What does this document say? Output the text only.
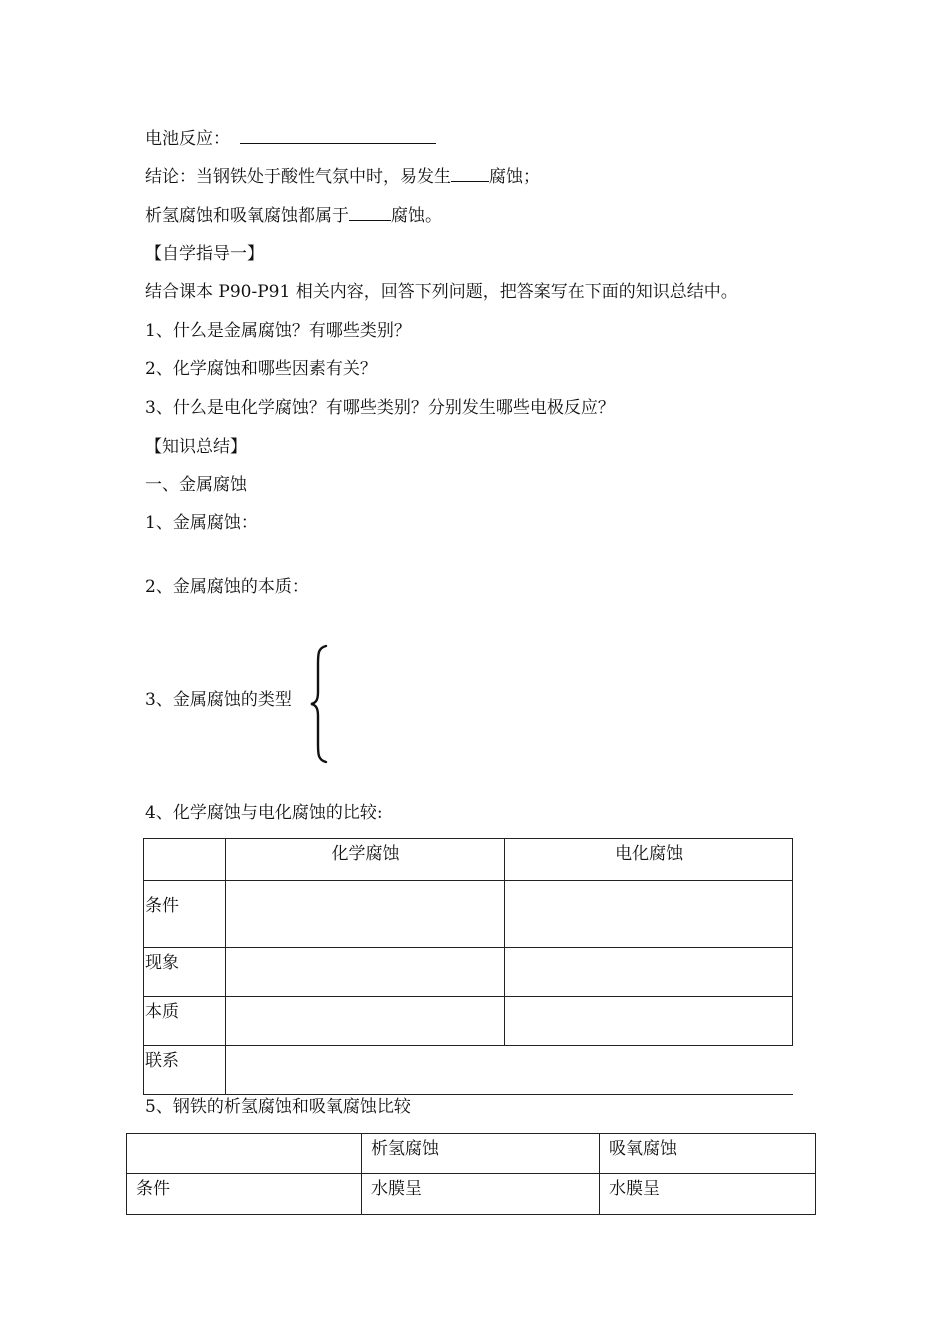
电池反应：
结论：当钢铁处于酸性气氛中时，易发生 腐蚀；
析氢腐蚀和吸氧腐蚀都属于 腐蚀。
【自学指导一】
结合课本 P90-P91 相关内容，回答下列问题，把答案写在下面的知识总结中。
1、什么是金属腐蚀？有哪些类别？
2、化学腐蚀和哪些因素有关？
3、什么是电化学腐蚀？有哪些类别？分别发生哪些电极反应？
【知识总结】
一、金属腐蚀
1、金属腐蚀：
2、金属腐蚀的本质：
3、金属腐蚀的类型
4、化学腐蚀与电化腐蚀的比较:
	化学腐蚀	电化腐蚀
条件		
现象		
本质		
联系		
5、钢铁的析氢腐蚀和吸氧腐蚀比较
	析氢腐蚀	吸氧腐蚀
条件	水膜呈	水膜呈
